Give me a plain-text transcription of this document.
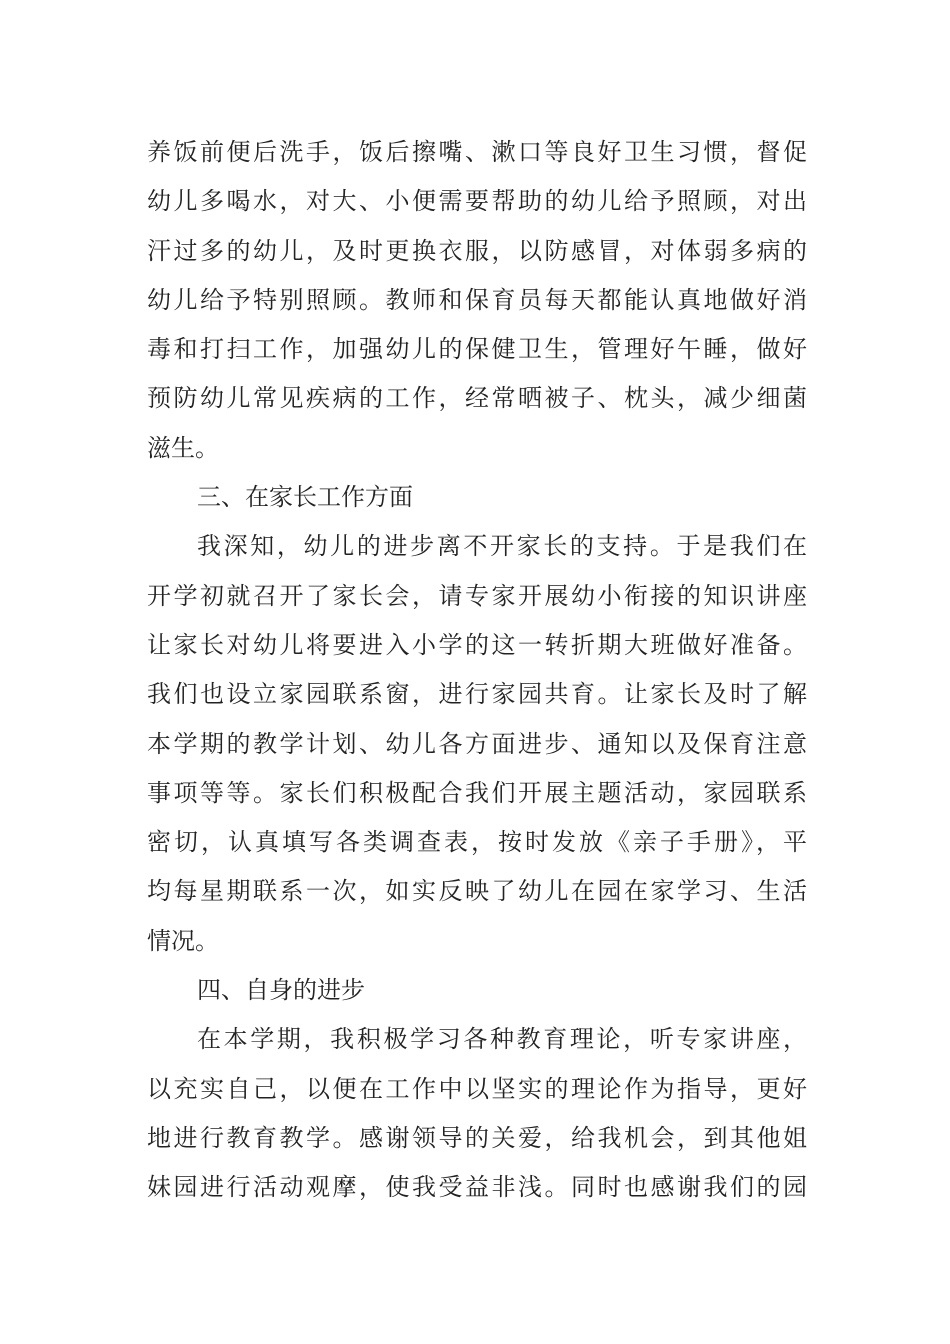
养饭前便后洗手，饭后擦嘴、漱口等良好卫生习惯，督促
幼儿多喝水，对大、小便需要帮助的幼儿给予照顾，对出
汗过多的幼儿，及时更换衣服，以防感冒，对体弱多病的
幼儿给予特别照顾。教师和保育员每天都能认真地做好消
毒和打扫工作，加强幼儿的保健卫生，管理好午睡，做好
预防幼儿常见疾病的工作，经常晒被子、枕头，减少细菌
滋生。
三、在家长工作方面
我深知，幼儿的进步离不开家长的支持。于是我们在
开学初就召开了家长会，请专家开展幼小衔接的知识讲座
让家长对幼儿将要进入小学的这一转折期大班做好准备。
我们也设立家园联系窗，进行家园共育。让家长及时了解
本学期的教学计划、幼儿各方面进步、通知以及保育注意
事项等等。家长们积极配合我们开展主题活动，家园联系
密切，认真填写各类调查表，按时发放《亲子手册》，平
均每星期联系一次，如实反映了幼儿在园在家学习、生活
情况。
四、自身的进步
在本学期，我积极学习各种教育理论，听专家讲座，
以充实自己，以便在工作中以坚实的理论作为指导，更好
地进行教育教学。感谢领导的关爱，给我机会，到其他姐
妹园进行活动观摩，使我受益非浅。同时也感谢我们的园
